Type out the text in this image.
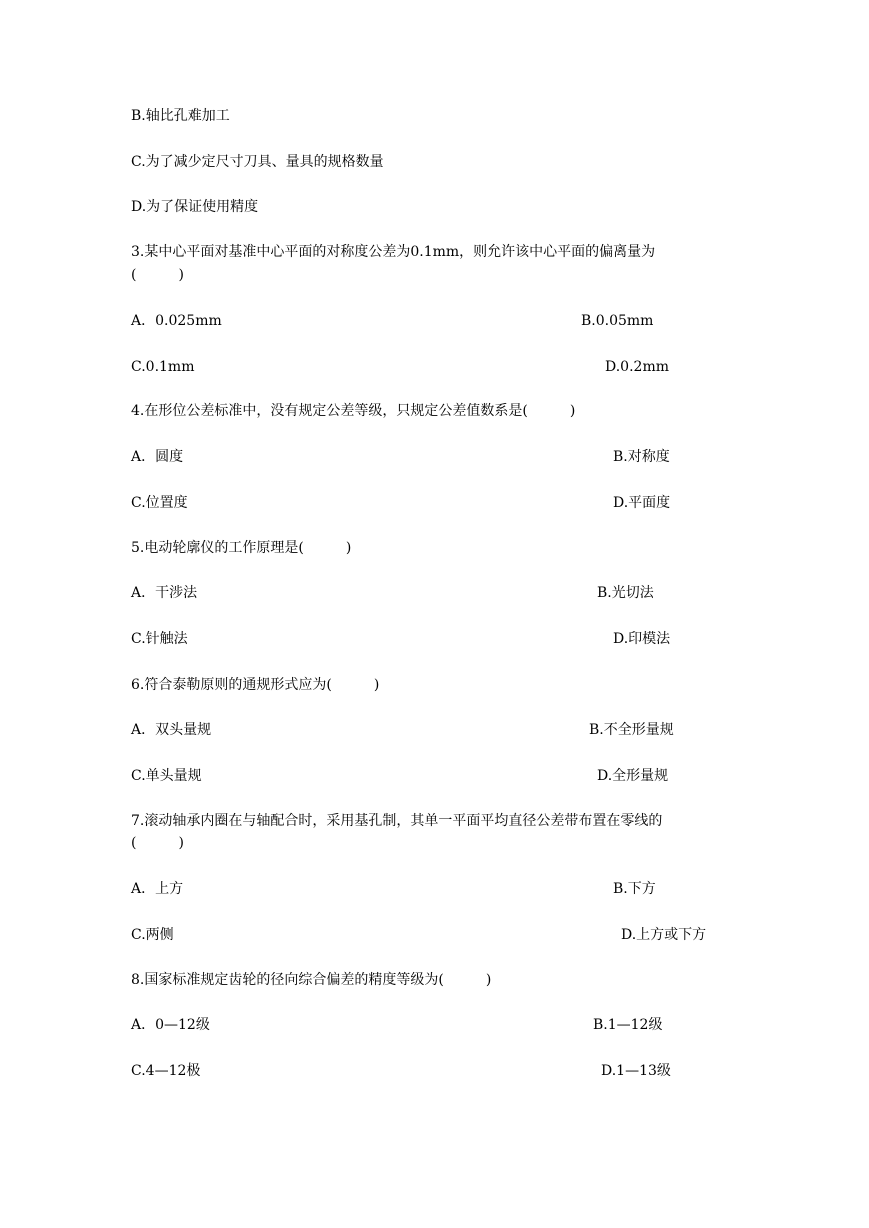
B.轴比孔难加工
C.为了减少定尺寸刀具、量具的规格数量
D.为了保证使用精度
3.某中心平面对基准中心平面的对称度公差为0.1mm，则允许该中心平面的偏离量为
(　　　)
A．0.025mm	B.0.05mm
C.0.1mm	D.0.2mm
4.在形位公差标准中，没有规定公差等级，只规定公差值数系是(　　　)
A．圆度	B.对称度
C.位置度	D.平面度
5.电动轮廓仪的工作原理是(　　　)
A．干涉法	B.光切法
C.针触法	D.印模法
6.符合泰勒原则的通规形式应为(　　　)
A．双头量规	B.不全形量规
C.单头量规	D.全形量规
7.滚动轴承内圈在与轴配合时，采用基孔制，其单一平面平均直径公差带布置在零线的
(　　　)
A．上方	B.下方
C.两侧	D.上方或下方
8.国家标准规定齿轮的径向综合偏差的精度等级为(　　　)
A．0—12级	B.1—12级
C.4—12极	D.1—13级
